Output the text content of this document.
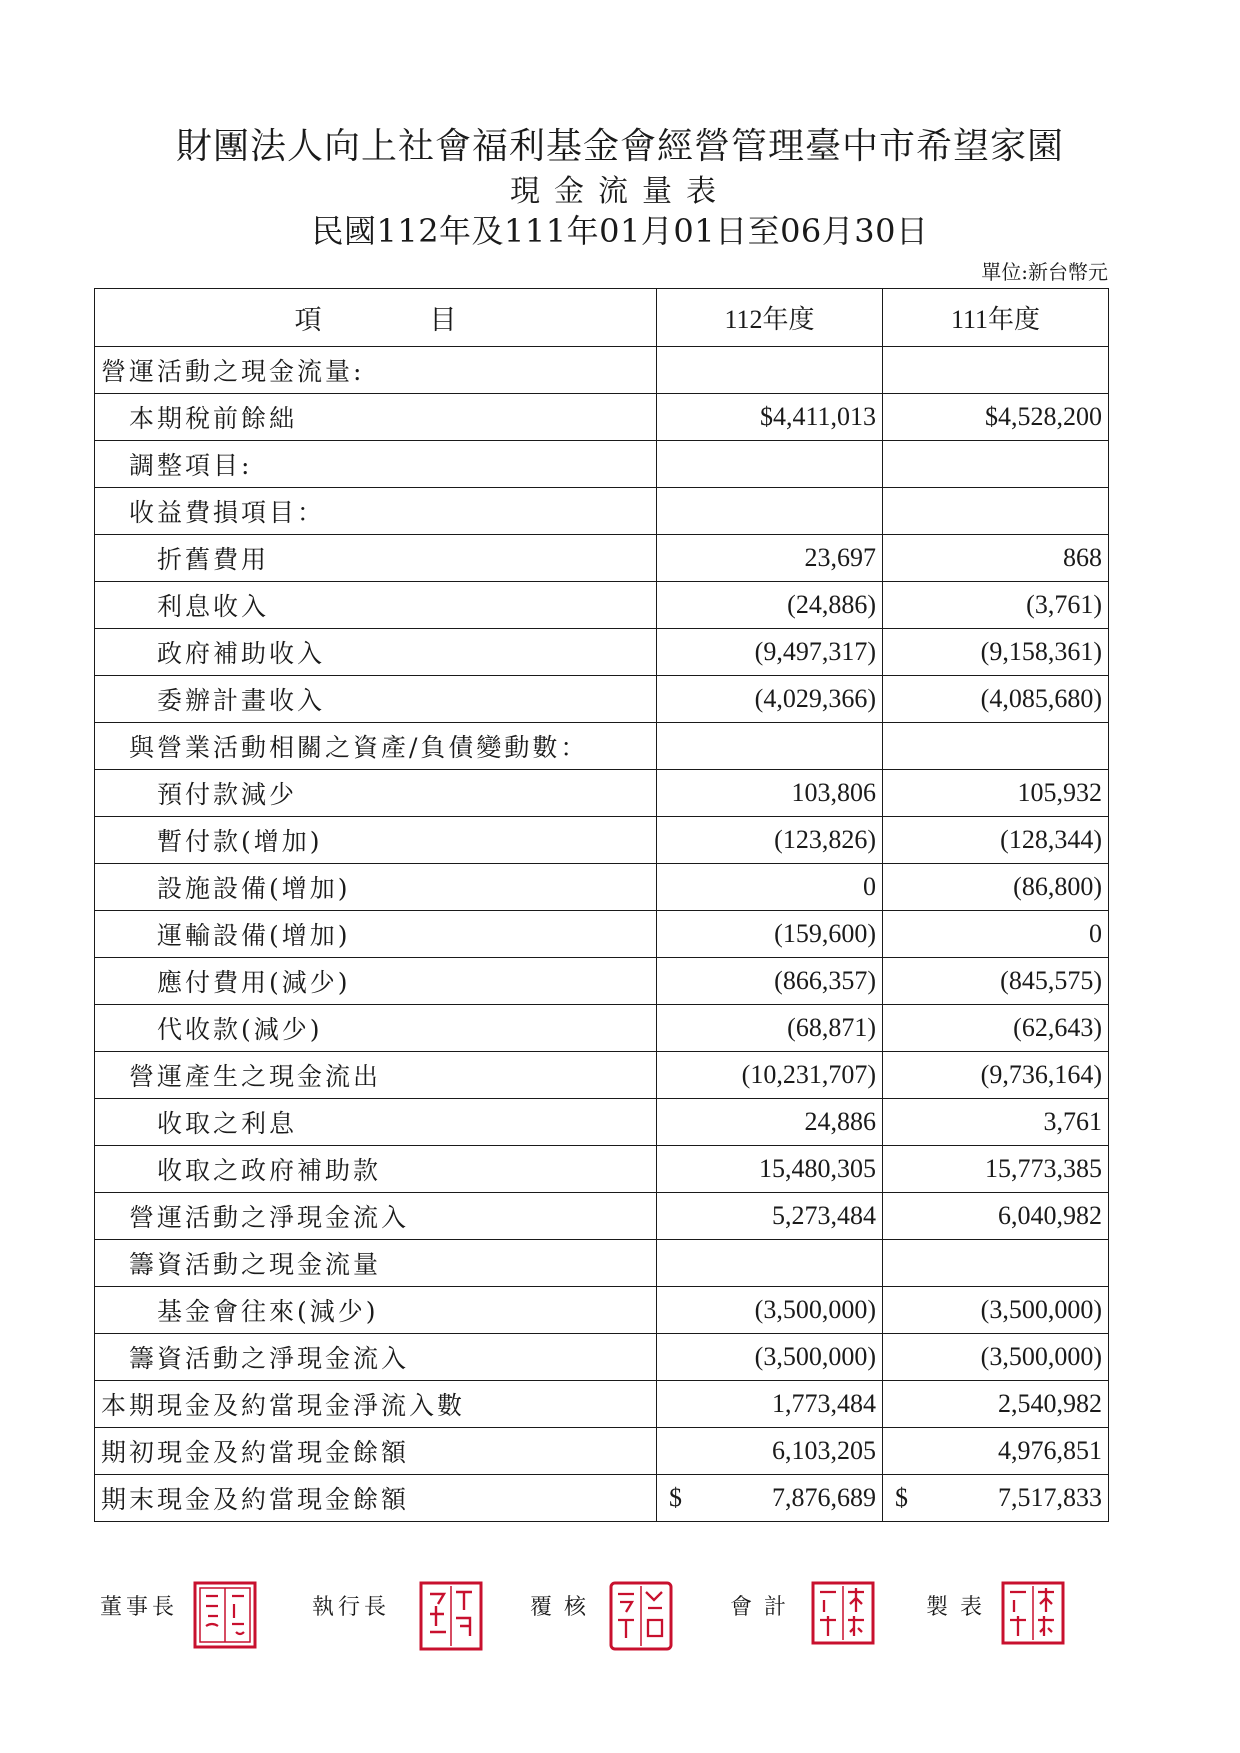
財團法人向上社會福利基金會經營管理臺中市希望家園
現金流量表
民國112年及111年01月01日至06月30日
單位:新台幣元
項　　　　目	112年度	111年度
營運活動之現金流量:		
本期稅前餘絀	$4,411,013	$4,528,200
調整項目:		
收益費損項目：		
折舊費用	23,697	868
利息收入	(24,886)	(3,761)
政府補助收入	(9,497,317)	(9,158,361)
委辦計畫收入	(4,029,366)	(4,085,680)
與營業活動相關之資產/負債變動數：		
預付款減少	103,806	105,932
暫付款(增加)	(123,826)	(128,344)
設施設備(增加)	0	(86,800)
運輸設備(增加)	(159,600)	0
應付費用(減少)	(866,357)	(845,575)
代收款(減少)	(68,871)	(62,643)
營運產生之現金流出	(10,231,707)	(9,736,164)
收取之利息	24,886	3,761
收取之政府補助款	15,480,305	15,773,385
營運活動之淨現金流入	5,273,484	6,040,982
籌資活動之現金流量		
基金會往來(減少)	(3,500,000)	(3,500,000)
籌資活動之淨現金流入	(3,500,000)	(3,500,000)
本期現金及約當現金淨流入數	1,773,484	2,540,982
期初現金及約當現金餘額	6,103,205	4,976,851
期末現金及約當現金餘額	$ 7,876,689	$ 7,517,833
董事長	執行長	覆核	會計	製表
